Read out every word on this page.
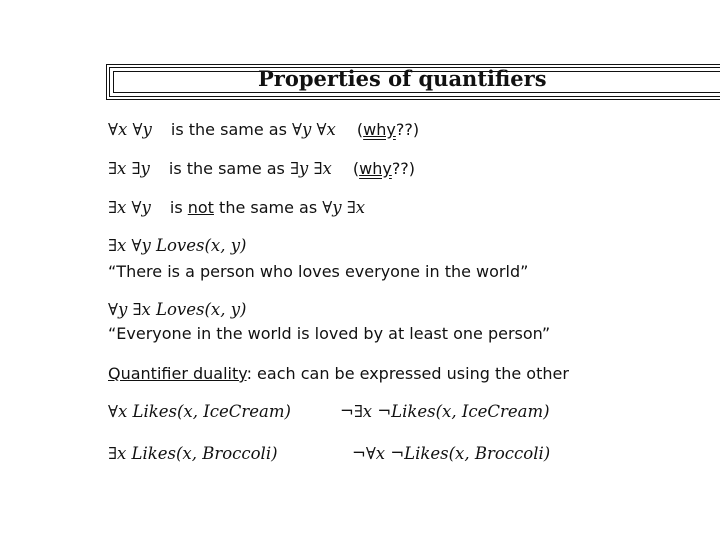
Properties of quantifiers
∀x ∀y is the same as ∀y ∀x (why??)
∃x ∃y is the same as ∃y ∃x (why??)
∃x ∀y is not the same as ∀y ∃x
∃x ∀y Loves(x, y)
“There is a person who loves everyone in the world”
∀y ∃x Loves(x, y)
“Everyone in the world is loved by at least one person”
Quantifier duality: each can be expressed using the other
∀x Likes(x, IceCream)	¬∃x ¬Likes(x, IceCream)
∃x Likes(x, Broccoli)	¬∀x ¬Likes(x, Broccoli)
